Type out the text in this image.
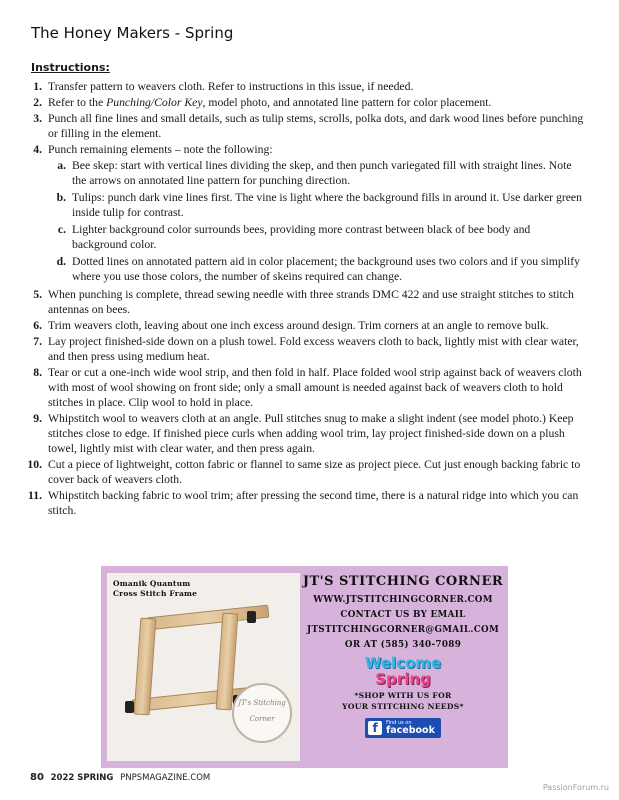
The Honey Makers - Spring
Instructions:
1. Transfer pattern to weavers cloth. Refer to instructions in this issue, if needed.
2. Refer to the Punching/Color Key, model photo, and annotated line pattern for color placement.
3. Punch all fine lines and small details, such as tulip stems, scrolls, polka dots, and dark wood lines before punching or filling in the element.
4. Punch remaining elements – note the following:
a. Bee skep: start with vertical lines dividing the skep, and then punch variegated fill with straight lines. Note the arrows on annotated line pattern for punching direction.
b. Tulips: punch dark vine lines first. The vine is light where the background fills in around it. Use darker green inside tulip for contrast.
c. Lighter background color surrounds bees, providing more contrast between black of bee body and background color.
d. Dotted lines on annotated pattern aid in color placement; the background uses two colors and if you simplify where you use those colors, the number of skeins required can change.
5. When punching is complete, thread sewing needle with three strands DMC 422 and use straight stitches to stitch antennas on bees.
6. Trim weavers cloth, leaving about one inch excess around design. Trim corners at an angle to remove bulk.
7. Lay project finished-side down on a plush towel. Fold excess weavers cloth to back, lightly mist with clear water, and then press using medium heat.
8. Tear or cut a one-inch wide wool strip, and then fold in half. Place folded wool strip against back of weavers cloth with most of wool showing on front side; only a small amount is needed against back of weavers cloth to hold stitches in place. Clip wool to hold in place.
9. Whipstitch wool to weavers cloth at an angle. Pull stitches snug to make a slight indent (see model photo.) Keep stitches close to edge. If finished piece curls when adding wool trim, lay project finished-side down on a plush towel, lightly mist with clear water, and then press again.
10. Cut a piece of lightweight, cotton fabric or flannel to same size as project piece. Cut just enough backing fabric to cover back of weavers cloth.
11. Whipstitch backing fabric to wool trim; after pressing the second time, there is a natural ridge into which you can stitch.
Omanik Quantum
Cross Stitch Frame
JT's Stitching
Corner
JT'S STITCHING CORNER
WWW.JTSTITCHINGCORNER.COM
CONTACT US BY EMAIL
JTSTITCHINGCORNER@GMAIL.COM
OR AT (585) 340-7089
Welcome
Spring
*SHOP WITH US FOR
YOUR STITCHING NEEDS*
f	Find us on
facebook
80 2022 SPRING PNPSMAGAZINE.COM
PassionForum.ru
